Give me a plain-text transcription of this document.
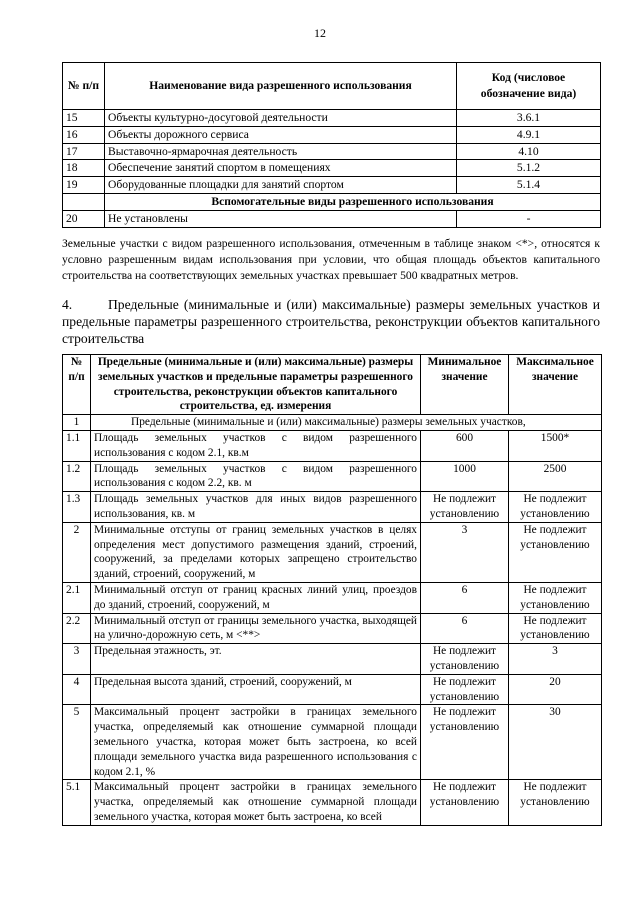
12
№ п/п	Наименование вида разрешенного использования	Код (числовое обозначение вида)
15	Объекты культурно-досуговой деятельности	3.6.1
16	Объекты дорожного сервиса	4.9.1
17	Выставочно-ярмарочная деятельность	4.10
18	Обеспечение занятий спортом в помещениях	5.1.2
19	Оборудованные площадки для занятий спортом	5.1.4
	Вспомогательные виды разрешенного использования	
20	Не установлены	-
Земельные участки с видом разрешенного использования, отмеченным в таблице знаком <*>, относятся к условно разрешенным видам использования при условии, что общая площадь объектов капитального строительства на соответствующих земельных участках превышает 500 квадратных метров.
4.       Предельные (минимальные и (или) максимальные) размеры земельных участков и предельные параметры разрешенного строительства, реконструкции объектов капитального строительства
№ п/п	Предельные (минимальные и (или) максимальные) размеры земельных участков и предельные параметры разрешенного строительства, реконструкции объектов капитального строительства, ед. измерения	Минимальное значение	Максимальное значение
1	Предельные (минимальные и (или) максимальные) размеры земельных участков,		
1.1	Площадь земельных участков с видом разрешенного использования с кодом 2.1, кв.м	600	1500*
1.2	Площадь земельных участков с видом разрешенного использования с кодом 2.2, кв. м	1000	2500
1.3	Площадь земельных участков для иных видов разрешенного использования, кв. м	Не подлежит установлению	Не подлежит установлению
2	Минимальные отступы от границ земельных участков в целях определения мест допустимого размещения зданий, строений, сооружений, за пределами которых запрещено строительство зданий, строений, сооружений, м	3	Не подлежит установлению
2.1	Минимальный отступ от границ красных линий улиц, проездов до зданий, строений, сооружений, м	6	Не подлежит установлению
2.2	Минимальный отступ от границы земельного участка, выходящей на улично-дорожную сеть, м <**>	6	Не подлежит установлению
3	Предельная этажность, эт.	Не подлежит установлению	3
4	Предельная высота зданий, строений, сооружений, м	Не подлежит установлению	20
5	Максимальный процент застройки в границах земельного участка, определяемый как отношение суммарной площади земельного участка, которая может быть застроена, ко всей площади земельного участка вида разрешенного использования с кодом 2.1, %	Не подлежит установлению	30
5.1	Максимальный процент застройки в границах земельного участка, определяемый как отношение суммарной площади земельного участка, которая может быть застроена, ко всей	Не подлежит установлению	Не подлежит установлению
